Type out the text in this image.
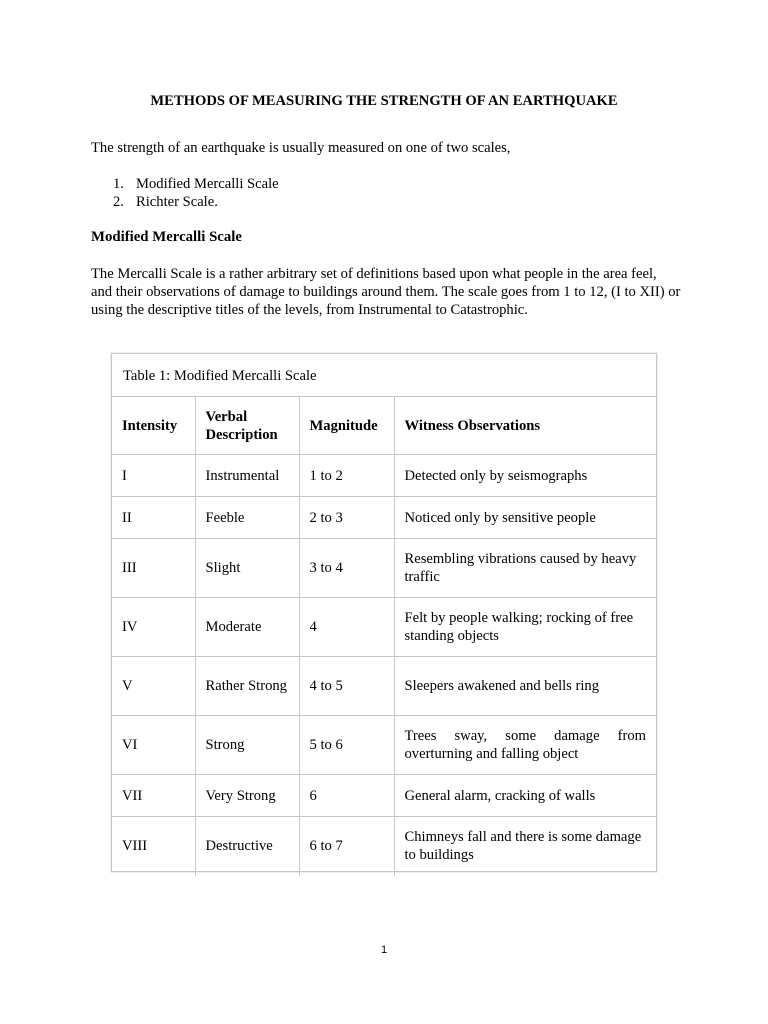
METHODS OF MEASURING THE STRENGTH OF AN EARTHQUAKE
The strength of an earthquake is usually measured on one of two scales,
1. Modified Mercalli Scale
2. Richter Scale.
Modified Mercalli Scale
The Mercalli Scale is a rather arbitrary set of definitions based upon what people in the area feel, and their observations of damage to buildings around them. The scale goes from 1 to 12, (I to XII) or using the descriptive titles of the levels, from Instrumental to Catastrophic.
Table 1: Modified Mercalli Scale
Intensity	Verbal Description	Magnitude	Witness Observations
I	Instrumental	1 to 2	Detected only by seismographs
II	Feeble	2 to 3	Noticed only by sensitive people
III	Slight	3 to 4	Resembling vibrations caused by heavy traffic
IV	Moderate	4	Felt by people walking; rocking of free standing objects
V	Rather Strong	4 to 5	Sleepers awakened and bells ring
VI	Strong	5 to 6	Trees sway, some damage from overturning and falling object
VII	Very Strong	6	General alarm, cracking of walls
VIII	Destructive	6 to 7	Chimneys fall and there is some damage to buildings
1
